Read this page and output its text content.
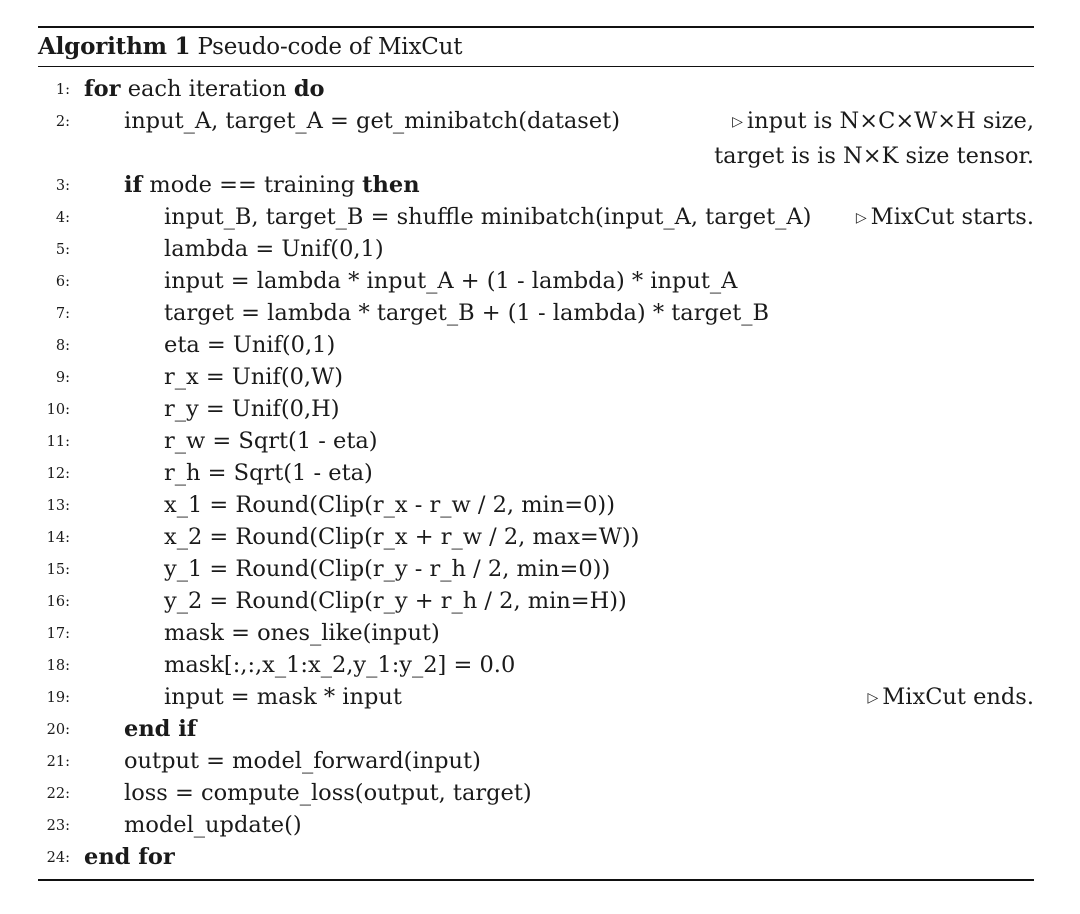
Algorithm 1 Pseudo-code of MixCut
1: for each iteration do
2: input_A, target_A = get_minibatch(dataset)	▷ input is N×C×W×H size,
target is is N×K size tensor.
3: if mode == training then
4:	input_B, target_B = shuffle minibatch(input_A, target_A)	▷ MixCut starts.
5:	lambda = Unif(0,1)
6:	input = lambda * input_A + (1 - lambda) * input_A
7:	target = lambda * target_B + (1 - lambda) * target_B
8:	eta = Unif(0,1)
9:	r_x = Unif(0,W)
10:	r_y = Unif(0,H)
11:	r_w = Sqrt(1 - eta)
12:	r_h = Sqrt(1 - eta)
13:	x_1 = Round(Clip(r_x - r_w / 2, min=0))
14:	x_2 = Round(Clip(r_x + r_w / 2, max=W))
15:	y_1 = Round(Clip(r_y - r_h / 2, min=0))
16:	y_2 = Round(Clip(r_y + r_h / 2, min=H))
17:	mask = ones_like(input)
18:	mask[:,:,x_1:x_2,y_1:y_2] = 0.0
19:	input = mask * input	▷ MixCut ends.
20: end if
21: output = model_forward(input)
22: loss = compute_loss(output, target)
23: model_update()
24: end for
